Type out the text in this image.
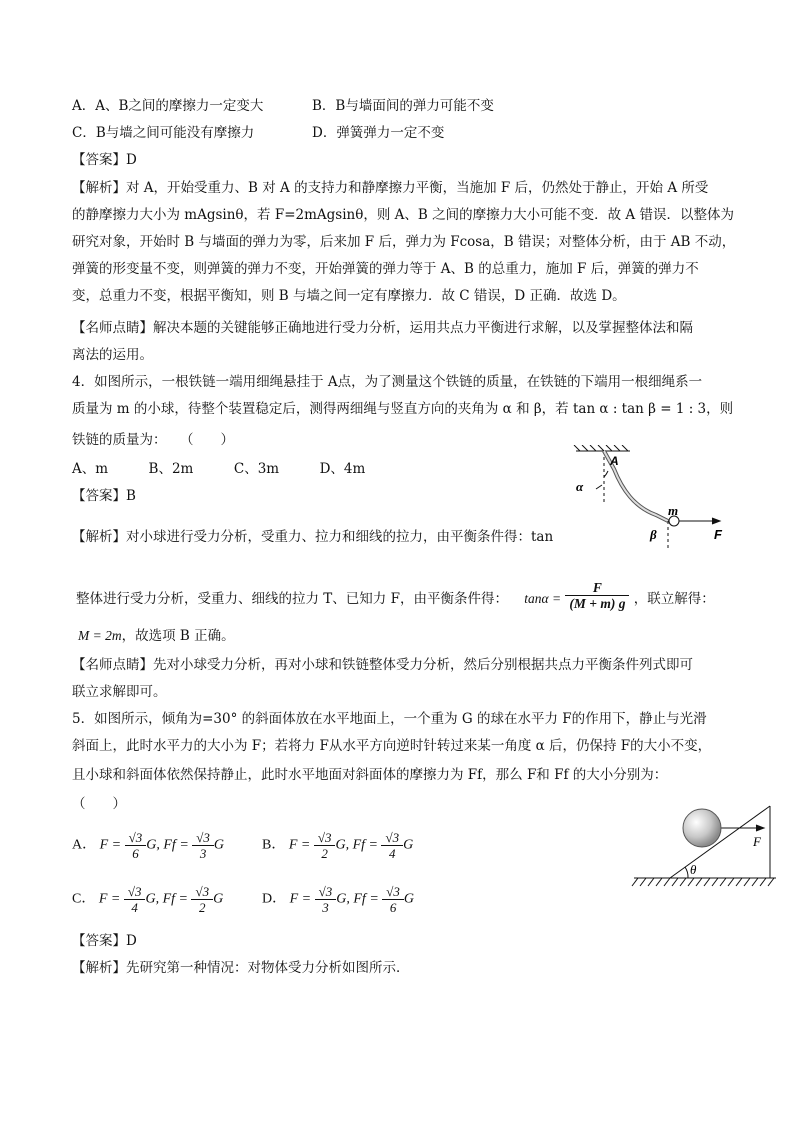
A．A、B之间的摩擦力一定变大	B．B与墙面间的弹力可能不变
C．B与墙之间可能没有摩擦力	D．弹簧弹力一定不变
【答案】D
【解析】对 A，开始受重力、B 对 A 的支持力和静摩擦力平衡，当施加 F 后，仍然处于静止，开始 A 所受
的静摩擦力大小为 mAgsinθ，若 F=2mAgsinθ，则 A、B 之间的摩擦力大小可能不变．故 A 错误．以整体为
研究对象，开始时 B 与墙面的弹力为零，后来加 F 后，弹力为 Fcosa，B 错误；对整体分析，由于 AB 不动，
弹簧的形变量不变，则弹簧的弹力不变，开始弹簧的弹力等于 A、B 的总重力，施加 F 后，弹簧的弹力不
变，总重力不变，根据平衡知，则 B 与墙之间一定有摩擦力．故 C 错误，D 正确．故选 D。
【名师点睛】解决本题的关键能够正确地进行受力分析，运用共点力平衡进行求解，以及掌握整体法和隔
离法的运用。
4．如图所示，一根铁链一端用细绳悬挂于 A点，为了测量这个铁链的质量，在铁链的下端用一根细绳系一
质量为 m 的小球，待整个装置稳定后，测得两细绳与竖直方向的夹角为 α 和 β，若 tan α : tan β = 1 : 3，则
铁链的质量为：　　（　　）
A、m　　　B、2m　　　C、3m　　　D、4m
【答案】B
【解析】对小球进行受力分析，受重力、拉力和细线的拉力，由平衡条件得：tan
A
α
m
β	F
整体进行受力分析，受重力、细线的拉力 T、已知力 F，由平衡条件得： $\tan\alpha = \frac{F}{(M + m) g}$ ，联立解得：
M = 2m，故选项 B 正确。
【名师点睛】先对小球受力分析，再对小球和铁链整体受力分析，然后分别根据共点力平衡条件列式即可
联立求解即可。
5．如图所示，倾角为=30° 的斜面体放在水平地面上，一个重为 G 的球在水平力 F的作用下，静止与光滑
斜面上，此时水平力的大小为 F；若将力 F从水平方向逆时针转过来某一角度 α 后，仍保持 F的大小不变，
且小球和斜面体依然保持静止，此时水平地面对斜面体的摩擦力为 Ff，那么 F和 Ff 的大小分别为：
（　　）
A． $F = \frac{√3}{6} G$, $Ff = \frac{√3}{3}$ G	B． $F = \frac{√3}{2} G$, $Ff = \frac{√3}{4}$ G
C． $F = \frac{√3}{4} G$, $Ff = \frac{√3}{2}$ G	D． $F = \frac{√3}{3} G$, $Ff = \frac{√3}{6}$ G
F
θ
【答案】D
【解析】先研究第一种情况：对物体受力分析如图所示．
